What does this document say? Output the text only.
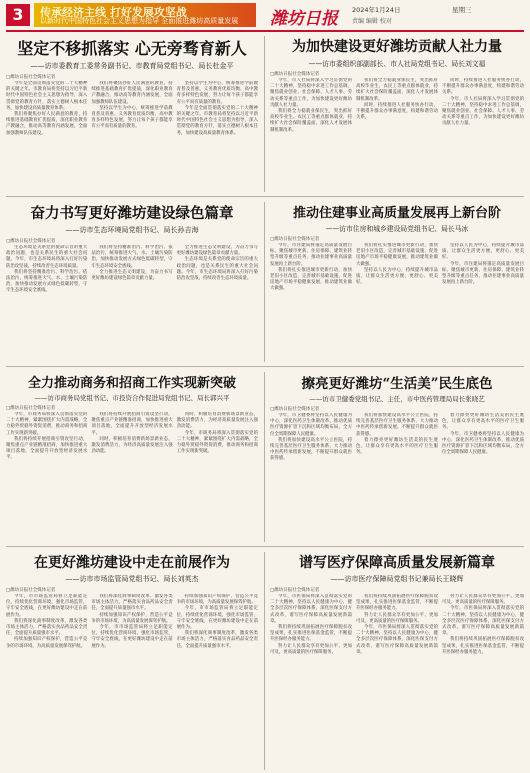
3	传承经济主线 打好发展攻坚战
以新时代中国特色社会主义思想为指导 全面推进潍坊高质量发展 潍坊日报 2024年1月24日	星期三
责编 编辑 校对
坚定不移抓落实 心无旁骛育新人
——访市委教育工委常务副书记、市教育局党组书记、局长杜金平
□潍坊日报社全媒体记者

今年是全面贯彻落实党的二十大精神的关键之年。市教育局将坚持以习近平新时代中国特色社会主义思想为指导，深入贯彻党的教育方针，落实立德树人根本任务，加快建设高质量教育体系。

我们将聚焦办好人民满意的教育，持续推进基础教育扩优提质，深化职业教育产教融合，推动高等教育内涵发展，全面加强教师队伍建设。

我们将聚焦办好人民满意的教育，持续推进基础教育扩优提质，深化职业教育产教融合，推动高等教育内涵发展，全面加强教师队伍建设。

坚持以学生为中心，统筹推进学前教育普及普惠、义务教育优质均衡、高中教育多样特色发展，努力让每个孩子都能享有公平而有质量的教育。

坚持以学生为中心，统筹推进学前教育普及普惠、义务教育优质均衡、高中教育多样特色发展，努力让每个孩子都能享有公平而有质量的教育。

今年是全面贯彻落实党的二十大精神的关键之年。市教育局将坚持以习近平新时代中国特色社会主义思想为指导，深入贯彻党的教育方针，落实立德树人根本任务，加快建设高质量教育体系。

为加快建设更好潍坊贡献人社力量
——访市委组织部副部长、市人社局党组书记、局长刘文福
□潍坊日报社全媒体记者

今年，市人社局将深入学习贯彻党的二十大精神，坚持稳中求进工作总基调，聚焦就业创业、社会保障、人才人事、劳动关系等重点工作，为加快建设更好潍坊贡献人社力量。

我们将全力稳就业保民生，突出抓好高校毕业生、农民工等重点群体就业，持续扩大社会保险覆盖面，深化人才发展体制机制改革。

我们将全力稳就业保民生，突出抓好高校毕业生、农民工等重点群体就业，持续扩大社会保险覆盖面，深化人才发展体制机制改革。

同时，持续推进人社服务快办行动，不断提升群众办事满意度，构建和谐劳动关系。

同时，持续推进人社服务快办行动，不断提升群众办事满意度，构建和谐劳动关系。

今年，市人社局将深入学习贯彻党的二十大精神，坚持稳中求进工作总基调，聚焦就业创业、社会保障、人才人事、劳动关系等重点工作，为加快建设更好潍坊贡献人社力量。

奋力书写更好潍坊建设绿色篇章
——访市生态环境局党组书记、局长孙吉海
□潍坊日报社全媒体记者

生态环境是关系党的使命宗旨的重大政治问题，也是关系民生的重大社会问题。今年，市生态环境局将深入打好污染防治攻坚战，持续改善生态环境质量。

我们将坚持精准治污、科学治污、依法治污，统筹推进大气、水、土壤污染防治，加快推动发展方式绿色低碳转型，守牢生态环境安全底线。

我们将坚持精准治污、科学治污、依法治污，统筹推进大气、水、土壤污染防治，加快推动发展方式绿色低碳转型，守牢生态环境安全底线。

全力推进生态文明建设，为奋力书写更好潍坊建设绿色篇章贡献力量。

全力推进生态文明建设，为奋力书写更好潍坊建设绿色篇章贡献力量。

生态环境是关系党的使命宗旨的重大政治问题，也是关系民生的重大社会问题。今年，市生态环境局将深入打好污染防治攻坚战，持续改善生态环境质量。

推动住建事业高质量发展再上新台阶
——访市住房和城乡建设局党组书记、局长马冰
□潍坊日报社全媒体记者

今年，市住建局将锚定高质量发展目标，聚焦城市更新、住房保障、建筑业转型升级等重点任务，推动住建事业高质量发展再上新台阶。

我们将扎实推进城市更新行动，加快老旧小区改造，完善城市基础设施，促进房地产市场平稳健康发展，推动建筑业做大做强。

我们将扎实推进城市更新行动，加快老旧小区改造，完善城市基础设施，促进房地产市场平稳健康发展，推动建筑业做大做强。

坚持以人民为中心，持续提升城市品质，让群众生活更方便、更舒心、更美好。

坚持以人民为中心，持续提升城市品质，让群众生活更方便、更舒心、更美好。

今年，市住建局将锚定高质量发展目标，聚焦城市更新、住房保障、建筑业转型升级等重点任务，推动住建事业高质量发展再上新台阶。

全力推动商务和招商工作实现新突破
——访市商务局党组书记、市投资合作促进局党组书记、局长郭兴平
□潍坊日报社全媒体记者

今年，市商务局将深入贯彻落实党的二十大精神，紧紧围绕扩大内需战略，全力稳外贸稳外资促消费，推动商务和招商工作实现新突破。

我们将持续开展招商引资攻坚行动，聚焦重点产业链精准招商，加快推进重大项目落地，全面提升开放型经济发展水平。

我们将持续开展招商引资攻坚行动，聚焦重点产业链精准招商，加快推进重大项目落地，全面提升开放型经济发展水平。

同时，积极培育消费新场景新业态，激发消费活力，为经济高质量发展注入强劲动能。

同时，积极培育消费新场景新业态，激发消费活力，为经济高质量发展注入强劲动能。

今年，市商务局将深入贯彻落实党的二十大精神，紧紧围绕扩大内需战略，全力稳外贸稳外资促消费，推动商务和招商工作实现新突破。

擦亮更好潍坊“生活美”民生底色
——访市卫健委党组书记、主任，市中医药管理局局长张晓艺
□潍坊日报社全媒体记者

今年，市卫健委将坚持以人民健康为中心，深化医药卫生体制改革，推动优质医疗资源扩容下沉和区域均衡布局，全方位全周期保障人民健康。

我们将加快建设高水平公立医院，持续完善基层医疗卫生服务体系，大力推动中医药传承创新发展，不断提升群众就医获得感。

我们将加快建设高水平公立医院，持续完善基层医疗卫生服务体系，大力推动中医药传承创新发展，不断提升群众就医获得感。

着力擦亮更好潍坊生活美的民生底色，让群众享有更高水平的医疗卫生服务。

着力擦亮更好潍坊生活美的民生底色，让群众享有更高水平的医疗卫生服务。

今年，市卫健委将坚持以人民健康为中心，深化医药卫生体制改革，推动优质医疗资源扩容下沉和区域均衡布局，全方位全周期保障人民健康。

在更好潍坊建设中走在前展作为
——访市市场监管局党组书记、局长刘英杰
□潍坊日报社全媒体记者

今年，市市场监管局将立足职能定位，持续优化营商环境，强化市场监管，守牢安全底线，在更好潍坊建设中走在前展作为。

我们将深化商事制度改革，激发各类市场主体活力，严格落实食品药品安全责任，全面提升质量强市水平。

持续加强知识产权保护，营造公平竞争的市场环境，为高质量发展保驾护航。

我们将深化商事制度改革，激发各类市场主体活力，严格落实食品药品安全责任，全面提升质量强市水平。

持续加强知识产权保护，营造公平竞争的市场环境，为高质量发展保驾护航。

今年，市市场监管局将立足职能定位，持续优化营商环境，强化市场监管，守牢安全底线，在更好潍坊建设中走在前展作为。

持续加强知识产权保护，营造公平竞争的市场环境，为高质量发展保驾护航。

今年，市市场监管局将立足职能定位，持续优化营商环境，强化市场监管，守牢安全底线，在更好潍坊建设中走在前展作为。

我们将深化商事制度改革，激发各类市场主体活力，严格落实食品药品安全责任，全面提升质量强市水平。

谱写医疗保障高质量发展新篇章
——访市医疗保障局党组书记兼局长王晓辉
□潍坊日报社全媒体记者

今年，市医保局将深入贯彻落实党的二十大精神，坚持以人民健康为中心，健全多层次医疗保障体系，深化医保支付方式改革，谱写医疗保障高质量发展新篇章。

我们将持续巩固拓展医疗保障脱贫攻坚成果，扎实推进医保基金监管，不断提升医保经办服务能力。

努力让人民群众享有更加公平、更加可及、更高质量的医疗保障服务。

我们将持续巩固拓展医疗保障脱贫攻坚成果，扎实推进医保基金监管，不断提升医保经办服务能力。

努力让人民群众享有更加公平、更加可及、更高质量的医疗保障服务。

今年，市医保局将深入贯彻落实党的二十大精神，坚持以人民健康为中心，健全多层次医疗保障体系，深化医保支付方式改革，谱写医疗保障高质量发展新篇章。

努力让人民群众享有更加公平、更加可及、更高质量的医疗保障服务。

今年，市医保局将深入贯彻落实党的二十大精神，坚持以人民健康为中心，健全多层次医疗保障体系，深化医保支付方式改革，谱写医疗保障高质量发展新篇章。

我们将持续巩固拓展医疗保障脱贫攻坚成果，扎实推进医保基金监管，不断提升医保经办服务能力。
